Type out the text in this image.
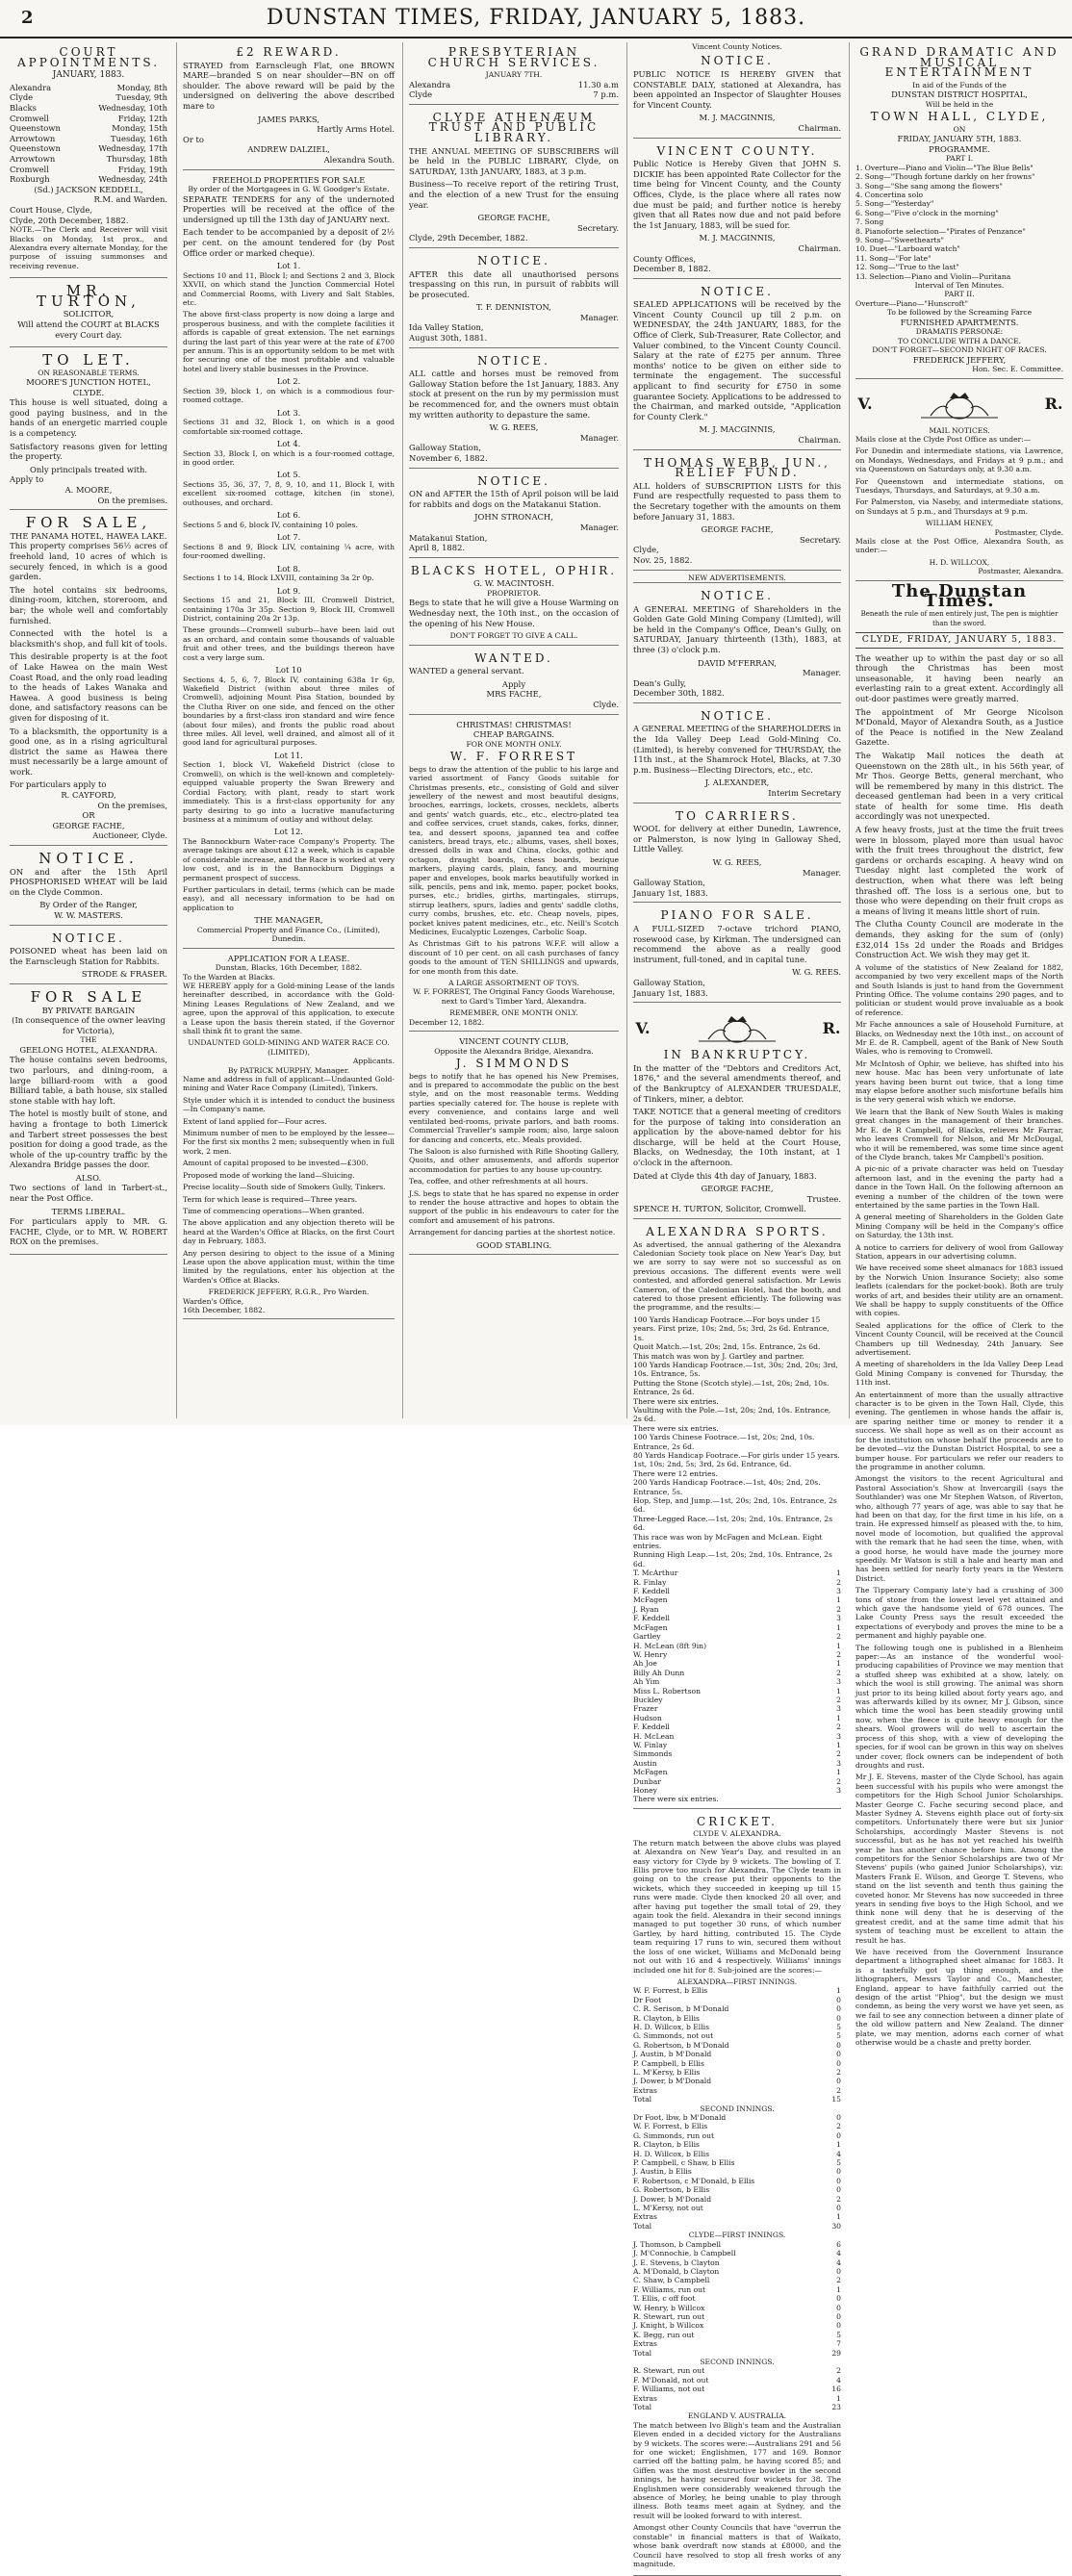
2	DUNSTAN TIMES, FRIDAY, JANUARY 5, 1883.
COURT APPOINTMENTS.
JANUARY, 1883.
Alexandra	Monday, 8th
Clyde	Tuesday, 9th
Blacks	Wednesday, 10th
Cromwell	Friday, 12th
Queenstown	Monday, 15th
Arrowtown	Tuesday, 16th
Queenstown	Wednesday, 17th
Arrowtown	Thursday, 18th
Cromwell	Friday, 19th
Roxburgh	Wednesday, 24th
(Sd.) JACKSON KEDDELL,
R.M. and Warden.
Court House, Clyde,
Clyde, 20th December, 1882.

NOTE.—The Clerk and Receiver will visit Blacks on Monday, 1st prox., and Alexandra every alternate Monday, for the purpose of issuing summonses and receiving revenue.

MR. TURTON,
SOLICITOR,

Will attend the COURT at BLACKS every Court day.

TO LET.
ON REASONABLE TERMS.
MOORE'S JUNCTION HOTEL, CLYDE.

This house is well situated, doing a good paying business, and in the hands of an energetic married couple is a competency.

Satisfactory reasons given for letting the property.

Only principals treated with.
Apply to
A. MOORE,
On the premises.
FOR SALE,
THE PANAMA HOTEL, HAWEA LAKE.

This property comprises 56½ acres of freehold land, 10 acres of which is securely fenced, in which is a good garden.

The hotel contains six bedrooms, dining-room, kitchen, storeroom, and bar; the whole well and comfortably furnished.

Connected with the hotel is a blacksmith's shop, and full kit of tools.

This desirable property is at the foot of Lake Hawea on the main West Coast Road, and the only road leading to the heads of Lakes Wanaka and Hawea. A good business is being done, and satisfactory reasons can be given for disposing of it.

To a blacksmith, the opportunity is a good one, as in a rising agricultural district the same as Hawea there must necessarily be a large amount of work.

For particulars apply to
R. CAYFORD,
On the premises,
OR
GEORGE FACHE,
Auctioneer, Clyde.
NOTICE.

ON and after the 15th April PHOSPHORISED WHEAT will be laid on the Clyde Common.

By Order of the Ranger,
W. W. MASTERS.
NOTICE.

POISONED wheat has been laid on the Earnscleugh Station for Rabbits.

STRODE & FRASER.
FOR SALE
BY PRIVATE BARGAIN
(In consequence of the owner leaving for Victoria),
THE
GEELONG HOTEL, ALEXANDRA.

The house contains seven bedrooms, two parlours, and dining-room, a large billiard-room with a good Billiard table, a bath house, six stalled stone stable with hay loft.

The hotel is mostly built of stone, and having a frontage to both Limerick and Tarbert street possesses the best position for doing a good trade, as the whole of the up-country traffic by the Alexandra Bridge passes the door.

ALSO.

Two sections of land in Tarbert-st., near the Post Office.

TERMS LIBERAL.

For particulars apply to MR. G. FACHE, Clyde, or to MR. W. ROBERT ROX on the premises.

£2 REWARD.

STRAYED from Earnscleugh Flat, one BROWN MARE—branded S on near shoulder—BN on off shoulder. The above reward will be paid by the undersigned on delivering the above described mare to

JAMES PARKS,
Hartly Arms Hotel.
Or to
ANDREW DALZIEL,
Alexandra South.
FREEHOLD PROPERTIES FOR SALE
By order of the Mortgagees in G. W. Goodger's Estate.

SEPARATE TENDERS for any of the undernoted Properties will be received at the office of the undersigned up till the 13th day of JANUARY next.

Each tender to be accompanied by a deposit of 2½ per cent. on the amount tendered for (by Post Office order or marked cheque).

Lot 1.

Sections 10 and 11, Block I; and Sections 2 and 3, Block XXVII, on which stand the Junction Commercial Hotel and Commercial Rooms, with Livery and Salt Stables, etc.

The above first-class property is now doing a large and prosperous business, and with the complete facilities it affords is capable of great extension. The net earnings during the last part of this year were at the rate of £700 per annum. This is an opportunity seldom to be met with for securing one of the most profitable and valuable hotel and livery stable businesses in the Province.

Lot 2.

Section 39, block 1, on which is a commodious four-roomed cottage.

Lot 3.

Sections 31 and 32, Block 1, on which is a good comfortable six-roomed cottage.

Lot 4.

Section 33, Block I, on which is a four-roomed cottage, in good order.

Lot 5.

Sections 35, 36, 37, 7, 8, 9, 10, and 11, Block I, with excellent six-roomed cottage, kitchen (in stone), outhouses, and orchard.

Lot 6.

Sections 5 and 6, block IV, containing 10 poles.

Lot 7.

Sections 8 and 9, Block LIV, containing ¼ acre, with four-roomed dwelling.

Lot 8.

Sections 1 to 14, Block LXVIII, containing 3a 2r 0p.

Lot 9.

Sections 15 and 21, Block III, Cromwell District, containing 170a 3r 35p. Section 9, Block III, Cromwell District, containing 20a 2r 13p.

These grounds—Cromwell suburb—have been laid out as an orchard, and contain some thousands of valuable fruit and other trees, and the buildings thereon have cost a very large sum.

Lot 10

Sections 4, 5, 6, 7, Block IV, containing 638a 1r 6p, Wakefield District (within about three miles of Cromwell), adjoining Mount Pisa Station, bounded by the Clutha River on one side, and fenced on the other boundaries by a first-class iron standard and wire fence (about four miles), and fronts the public road about three miles. All level, well drained, and almost all of it good land for agricultural purposes.

Lot 11.

Section 1, block VI, Wakefield District (close to Cromwell), on which is the well-known and completely-equipped valuable property the Swan Brewery and Cordial Factory, with plant, ready to start work immediately. This is a first-class opportunity for any party desiring to go into a lucrative manufacturing business at a minimum of outlay and without delay.

Lot 12.

The Bannockburn Water-race Company's Property. The average takings are about £12 a week, which is capable of considerable increase, and the Race is worked at very low cost, and is in the Bannockburn Diggings a permanent prospect of success.

Further particulars in detail, terms (which can be made easy), and all necessary information to be had on application to

THE MANAGER,
Commercial Property and Finance Co., (Limited), Dunedin.
APPLICATION FOR A LEASE.
Dunstan, Blacks, 16th December, 1882.
To the Warden at Blacks.

WE HEREBY apply for a Gold-mining Lease of the lands hereinafter described, in accordance with the Gold-Mining Leases Regulations of New Zealand, and we agree, upon the approval of this application, to execute a Lease upon the basis therein stated, if the Governor shall think fit to grant the same.

UNDAUNTED GOLD-MINING AND WATER RACE CO. (LIMITED),
Applicants.
By PATRICK MURPHY, Manager.

Name and address in full of applicant—Undaunted Gold-mining and Water Race Company (Limited), Tinkers.

Style under which it is intended to conduct the business—In Company's name.

Extent of land applied for—Four acres.

Minimum number of men to be employed by the lessee—For the first six months 2 men; subsequently when in full work, 2 men.

Amount of capital proposed to be invested—£300.

Proposed mode of working the land—Sluicing.

Precise locality—South side of Smokers Gully, Tinkers.

Term for which lease is required—Three years.

Time of commencing operations—When granted.

The above application and any objection thereto will be heard at the Warden's Office at Blacks, on the first Court day in February, 1883.

Any person desiring to object to the issue of a Mining Lease upon the above application must, within the time limited by the regulations, enter his objection at the Warden's Office at Blacks.

FREDERICK JEFFERY, R.G.R., Pro Warden.
Warden's Office,
16th December, 1882.
PRESBYTERIAN CHURCH SERVICES.
JANUARY 7TH.
Alexandra	11.30 a.m
Clyde	7 p.m.
CLYDE ATHENÆUM TRUST AND PUBLIC LIBRARY.

THE ANNUAL MEETING OF SUBSCRIBERS will be held in the PUBLIC LIBRARY, Clyde, on SATURDAY, 13th JANUARY, 1883, at 3 p.m.

Business—To receive report of the retiring Trust, and the election of a new Trust for the ensuing year.

GEORGE FACHE,
Secretary.
Clyde, 29th December, 1882.
NOTICE.

AFTER this date all unauthorised persons trespassing on this run, in pursuit of rabbits will be prosecuted.

T. F. DENNISTON,
Manager.
Ida Valley Station,
August 30th, 1881.
NOTICE.

ALL cattle and horses must be removed from Galloway Station before the 1st January, 1883. Any stock at present on the run by my permission must be recommenced for, and the owners must obtain my written authority to depasture the same.

W. G. REES,
Manager.
Galloway Station,
November 6, 1882.
NOTICE.

ON and AFTER the 15th of April poison will be laid for rabbits and dogs on the Matakanui Station.

JOHN STRONACH,
Manager.
Matakanui Station,
April 8, 1882.
BLACKS HOTEL, OPHIR.
G. W. MACINTOSH.
PROPRIETOR.

Begs to state that he will give a House Warming on Wednesday next, the 10th inst., on the occasion of the opening of his New House.

DON'T FORGET TO GIVE A CALL.
WANTED.

WANTED a general servant.

Apply
MRS FACHE,
Clyde.
CHRISTMAS! CHRISTMAS!
CHEAP BARGAINS.
FOR ONE MONTH ONLY.
W. F. FORREST

begs to draw the attention of the public to his large and varied assortment of Fancy Goods suitable for Christmas presents, etc., consisting of Gold and silver jewellery of the newest and most beautiful designs, brooches, earrings, lockets, crosses, necklets, alberts and gents' watch guards, etc., etc., electro-plated tea and coffee services, cruet stands, cakes, forks, dinner, tea, and dessert spoons, japanned tea and coffee canisters, bread trays, etc.; albums, vases, shell boxes, dressed dolls in wax and China, clocks, gothic and octagon, draught boards, chess boards, bezique markers, playing cards, plain, fancy, and mourning paper and envelopes, book marks beautifully worked in silk, pencils, pens and ink, memo. paper, pocket books, purses, etc.; bridles, girths, martingales, stirrups, stirrup leathers, spurs, ladies and gents' saddle cloths, curry combs, brushes, etc. etc. Cheap novels, pipes, pocket knives patent medicines, etc., etc. Neill's Scotch Medicines, Eucalyptic Lozenges, Carbolic Soap.

As Christmas Gift to his patrons W.F.F. will allow a discount of 10 per cent. on all cash purchases of fancy goods to the amount of TEN SHILLINGS and upwards, for one month from this date.

A LARGE ASSORTMENT OF TOYS.

W. F. FORREST, The Original Fancy Goods Warehouse, next to Gard's Timber Yard, Alexandra.

REMEMBER, ONE MONTH ONLY.
December 12, 1882.
VINCENT COUNTY CLUB,
Opposite the Alexandra Bridge, Alexandra.
J. SIMMONDS

begs to notify that he has opened his New Premises, and is prepared to accommodate the public on the best style, and on the most reasonable terms. Wedding parties specially catered for. The house is replete with every convenience, and contains large and well ventilated bed-rooms, private parlors, and bath rooms. Commercial Traveller's sample room; also, large saloon for dancing and concerts, etc. Meals provided.

The Saloon is also furnished with Rifle Shooting Gallery, Quoits, and other amusements, and affords superior accommodation for parties to any house up-country.

Tea, coffee, and other refreshments at all hours.

J.S. begs to state that he has spared no expense in order to render the house attractive and hopes to obtain the support of the public in his endeavours to cater for the comfort and amusement of his patrons.

Arrangement for dancing parties at the shortest notice.

GOOD STABLING.
Vincent County Notices.
NOTICE.

PUBLIC NOTICE IS HEREBY GIVEN that CONSTABLE DALY, stationed at Alexandra, has been appointed an Inspector of Slaughter Houses for Vincent County.

M. J. MACGINNIS,
Chairman.
VINCENT COUNTY.

Public Notice is Hereby Given that JOHN S. DICKIE has been appointed Rate Collector for the time being for Vincent County, and the County Offices, Clyde, is the place where all rates now due must be paid; and further notice is hereby given that all Rates now due and not paid before the 1st January, 1883, will be sued for.

M. J. MACGINNIS,
Chairman.
County Offices,
December 8, 1882.
NOTICE.

SEALED APPLICATIONS will be received by the Vincent County Council up till 2 p.m. on WEDNESDAY, the 24th JANUARY, 1883, for the Office of Clerk, Sub-Treasurer, Rate Collector, and Valuer combined, to the Vincent County Council. Salary at the rate of £275 per annum. Three months' notice to be given on either side to terminate the engagement. The successful applicant to find security for £750 in some guarantee Society. Applications to be addressed to the Chairman, and marked outside, "Application for County Clerk."

M. J. MACGINNIS,
Chairman.
THOMAS WEBB, JUN., RELIEF FUND.

ALL holders of SUBSCRIPTION LISTS for this Fund are respectfully requested to pass them to the Secretary together with the amounts on them before January 31, 1883.

GEORGE FACHE,
Secretary.
Clyde,
Nov. 25, 1882.
NEW ADVERTISEMENTS.
NOTICE.

A GENERAL MEETING of Shareholders in the Golden Gate Gold Mining Company (Limited), will be held in the Company's Office, Dean's Gully, on SATURDAY, January thirteenth (13th), 1883, at three (3) o'clock p.m.

DAVID M'FERRAN,
Manager.
Dean's Gully,
December 30th, 1882.
NOTICE.

A GENERAL MEETING of the SHAREHOLDERS in the Ida Valley Deep Lead Gold-Mining Co. (Limited), is hereby convened for THURSDAY, the 11th inst., at the Shamrock Hotel, Blacks, at 7.30 p.m. Business—Electing Directors, etc., etc.

J. ALEXANDER,
Interim Secretary
TO CARRIERS.

WOOL for delivery at either Dunedin, Lawrence, or Palmerston, is now lying in Galloway Shed, Little Valley.

W. G. REES,
Manager.
Galloway Station,
January 1st, 1883.
PIANO FOR SALE.

A FULL-SIZED 7-octave trichord PIANO, rosewood case, by Kirkman. The undersigned can recommend the above as a really good instrument, full-toned, and in capital tune.

W. G. REES.
Galloway Station,
January 1st, 1883.
V.	R.
IN BANKRUPTCY.

In the matter of the "Debtors and Creditors Act, 1876," and the several amendments thereof, and of the Bankruptcy of ALEXANDER TRUESDALE, of Tinkers, miner, a debtor.

TAKE NOTICE that a general meeting of creditors for the purpose of taking into consideration an application by the above-named debtor for his discharge, will be held at the Court House, Blacks, on Wednesday, the 10th instant, at 1 o'clock in the afternoon.

Dated at Clyde this 4th day of January, 1883.

GEORGE FACHE,
Trustee.
SPENCE H. TURTON, Solicitor, Cromwell.
ALEXANDRA SPORTS.

As advertised, the annual gathering of the Alexandra Caledonian Society took place on New Year's Day, but we are sorry to say were not so successful as on previous occasions. The different events were well contested, and afforded general satisfaction. Mr Lewis Cameron, of the Caledonian Hotel, had the booth, and catered to those present efficiently. The following was the programme, and the results:—

100 Yards Handicap Footrace.—For boys under 15 years. First prize, 10s; 2nd, 5s; 3rd, 2s 6d. Entrance, 1s.
Quoit Match.—1st, 20s; 2nd, 15s. Entrance, 2s 6d.
This match was won by J. Gartley and partner.
100 Yards Handicap Footrace.—1st, 30s; 2nd, 20s; 3rd, 10s. Entrance, 5s.
Putting the Stone (Scotch style).—1st, 20s; 2nd, 10s. Entrance, 2s 6d.
There were six entries.
Vaulting with the Pole.—1st, 20s; 2nd, 10s. Entrance, 2s 6d.
There were six entries.
100 Yards Chinese Footrace.—1st, 20s; 2nd, 10s. Entrance, 2s 6d.
80 Yards Handicap Footrace.—For girls under 15 years. 1st, 10s; 2nd, 5s; 3rd, 2s 6d. Entrance, 6d.
There were 12 entries.
200 Yards Handicap Footrace.—1st, 40s; 2nd, 20s. Entrance, 5s.
Hop, Step, and Jump.—1st, 20s; 2nd, 10s. Entrance, 2s 6d.
Three-Legged Race.—1st, 20s; 2nd, 10s. Entrance, 2s 6d.
This race was won by McFagen and McLean. Eight entries.
Running High Leap.—1st, 20s; 2nd, 10s. Entrance, 2s 6d.
T. McArthur	1
R. Finlay	2
F. Keddell	3
McFagen	1
J. Ryan	2
F. Keddell	3
McFagen	1
Gartley	2
H. McLean (8ft 9in)	1
W. Henry	2
Ah Joe	1
Billy Ah Dunn	2
Ah Yim	3
Miss L. Robertson	1
Buckley	2
Frazer	3
Hudson	1
F. Keddell	2
H. McLean	3
W. Finlay	1
Simmonds	2
Austin	3
McFagen	1
Dunbar	2
Honey	3
There were six entries.
CRICKET.
CLYDE V. ALEXANDRA.

The return match between the above clubs was played at Alexandra on New Year's Day, and resulted in an easy victory for Clyde by 9 wickets. The bowling of T. Ellis prove too much for Alexandra. The Clyde team in going on to the crease put their opponents to the wickets, which they succeeded in keeping up till 15 runs were made. Clyde then knocked 20 all over, and after having put together the small total of 29, they again took the field. Alexandra in their second innings managed to put together 30 runs, of which number Gartley, by hard hitting, contributed 15. The Clyde team requiring 17 runs to win, secured them without the loss of one wicket, Williams and McDonald being not out with 16 and 4 respectively. Williams' innings included one hit for 8. Sub-joined are the scores:—

ALEXANDRA—FIRST INNINGS.
W. F. Forrest, b Ellis	1
Dr Foot	0
C. R. Serison, b M'Donald	0
R. Clayton, b Ellis	0
H. D. Willcox, b Ellis	5
G. Simmonds, not out	5
G. Robertson, b M'Donald	0
J. Austin, b M'Donald	0
P. Campbell, b Ellis	0
L. M'Kersy, b Ellis	2
J. Dower, b M'Donald	0
Extras	2
Total	15
SECOND INNINGS.
Dr Foot, lbw, b M'Donald	0
W. F. Forrest, b Ellis	2
G. Simmonds, run out	0
R. Clayton, b Ellis	1
H. D. Willcox, b Ellis	4
P. Campbell, c Shaw, b Ellis	5
J. Austin, b Ellis	0
F. Robertson, c M'Donald, b Ellis	0
G. Robertson, b Ellis	0
J. Dower, b M'Donald	2
L. M'Kersy, not out	0
Extras	1
Total	30
CLYDE—FIRST INNINGS.
J. Thomson, b Campbell	6
J. M'Connochie, b Campbell	4
J. E. Stevens, b Clayton	4
A. M'Donald, b Clayton	0
C. Shaw, b Campbell	2
F. Williams, run out	1
T. Ellis, c off foot	0
W. Henry, b Willcox	0
R. Stewart, run out	0
J. Knight, b Willcox	0
K. Begg, run out	5
Extras	7
Total	29
SECOND INNINGS.
R. Stewart, run out	2
F. M'Donald, not out	4
F. Williams, not out	16
Extras	1
Total	23
ENGLAND V. AUSTRALIA.

The match between Ivo Bligh's team and the Australian Eleven ended in a decided victory for the Australians by 9 wickets. The scores were:—Australians 291 and 56 for one wicket; Englishmen, 177 and 169. Bonnor carried off the batting palm, he having scored 85; and Giffen was the most destructive bowler in the second innings, he having secured four wickets for 38. The Englishmen were considerably weakened through the absence of Morley, he being unable to play through illness. Both teams meet again at Sydney, and the result will be looked forward to with interest.

Amongst other County Councils that have "overrun the constable" in financial matters is that of Waikato, whose bank overdraft now stands at £8000, and the Council have resolved to stop all fresh works of any magnitude.

GRAND DRAMATIC AND MUSICAL ENTERTAINMENT
In aid of the Funds of the
DUNSTAN DISTRICT HOSPITAL,
Will be held in the
TOWN HALL, CLYDE,
ON
FRIDAY, JANUARY 5TH, 1883.
PROGRAMME.
PART I.
1. Overture—Piano and Violin—"The Blue Bells"
2. Song—"Though fortune darkly on her frowns"
3. Song—"She sang among the flowers"
4. Concertina solo
5. Song—"Yesterday"
6. Song—"Five o'clock in the morning"
7. Song
8. Pianoforte selection—"Pirates of Penzance"
9. Song—"Sweethearts"
10. Duet—"Larboard watch"
11. Song—"For late"
12. Song—"True to the last"
13. Selection—Piano and Violin—Puritana
Interval of Ten Minutes.
PART II.
Overture—Piano—"Hunscroft"
To be followed by the Screaming Farce
FURNISHED APARTMENTS.
DRAMATIS PERSONÆ:
TO CONCLUDE WITH A DANCE.
DON'T FORGET—SECOND NIGHT OF RACES.
FREDERICK JEFFERY,
Hon. Sec. E. Committee.
V.	R.
MAIL NOTICES.

Mails close at the Clyde Post Office as under:—

For Dunedin and intermediate stations, via Lawrence, on Mondays, Wednesdays, and Fridays at 9 p.m.; and via Queenstown on Saturdays only, at 9.30 a.m.

For Queenstown and intermediate stations, on Tuesdays, Thursdays, and Saturdays, at 9.30 a.m.

For Palmerston, via Naseby, and intermediate stations, on Sundays at 5 p.m., and Thursdays at 9 p.m.

WILLIAM HENEY,
Postmaster, Clyde.

Mails close at the Post Office, Alexandra South, as under:—

H. D. WILLCOX,
Postmaster, Alexandra.
The Dunstan Times.
Beneath the rule of men entirely just, The pen is mightier than the sword.
CLYDE, FRIDAY, JANUARY 5, 1883.

The weather up to within the past day or so all through the Christmas has been most unseasonable, it having been nearly an everlasting rain to a great extent. Accordingly all out-door pastimes were greatly marred.

The appointment of Mr George Nicolson M'Donald, Mayor of Alexandra South, as a Justice of the Peace is notified in the New Zealand Gazette.

The Wakatip Mail notices the death at Queenstown on the 28th ult., in his 56th year, of Mr Thos. George Betts, general merchant, who will be remembered by many in this district. The deceased gentleman had been in a very critical state of health for some time. His death accordingly was not unexpected.

A few heavy frosts, just at the time the fruit trees were in blossom, played more than usual havoc with the fruit trees throughout the district, few gardens or orchards escaping. A heavy wind on Tuesday night last completed the work of destruction, when what there was left being thrashed off. The loss is a serious one, but to those who were depending on their fruit crops as a means of living it means little short of ruin.

The Clutha County Council are moderate in the demands, they asking for the sum of (only) £32,014 15s 2d under the Roads and Bridges Construction Act. We wish they may get it.

A volume of the statistics of New Zealand for 1882, accompanied by two very excellent maps of the North and South Islands is just to hand from the Government Printing Office. The volume contains 290 pages, and to politician or student would prove invaluable as a book of reference.

Mr Fache announces a sale of Household Furniture, at Blacks, on Wednesday next the 10th inst., on account of Mr E. de R. Campbell, agent of the Bank of New South Wales, who is removing to Cromwell.

Mr McIntosh of Ophir, we believe, has shifted into his new house. Mac has been very unfortunate of late years having been burnt out twice, that a long time may elapse before another such misfortune befalls him is the very general wish which we endorse.

We learn that the Bank of New South Wales is making great changes in the management of their branches. Mr E. de R Campbell, of Blacks, relieves Mr Farrar, who leaves Cromwell for Nelson, and Mr McDougal, who it will be remembered, was some time since agent of the Clyde branch, takes Mr Campbell's position.

A pic-nic of a private character was held on Tuesday afternoon last, and in the evening the party had a dance in the Town Hall. On the following afternoon an evening a number of the children of the town were entertained by the same parties in the Town Hall.

A general meeting of Shareholders in the Golden Gate Mining Company will be held in the Company's office on Saturday, the 13th inst.

A notice to carriers for delivery of wool from Galloway Station, appears in our advertising column.

We have received some sheet almanacs for 1883 issued by the Norwich Union Insurance Society; also some leaflets (calendars for the pocket-book). Both are truly works of art, and besides their utility are an ornament. We shall be happy to supply constituents of the Office with copies.

Sealed applications for the office of Clerk to the Vincent County Council, will be received at the Council Chambers up till Wednesday, 24th January. See advertisement.

A meeting of shareholders in the Ida Valley Deep Lead Gold Mining Company is convened for Thursday, the 11th inst.

An entertainment of more than the usually attractive character is to be given in the Town Hall, Clyde, this evening. The gentlemen in whose hands the affair is, are sparing neither time or money to render it a success. We shall hope as well as on their account as for the institution on whose behalf the proceeds are to be devoted—viz the Dunstan District Hospital, to see a bumper house. For particulars we refer our readers to the programme in another column.

Amongst the visitors to the recent Agricultural and Pastoral Association's Show at Invercargill (says the Southlander) was one Mr Stephen Watson, of Riverton, who, although 77 years of age, was able to say that he had been on that day, for the first time in his life, on a train. He expressed himself as pleased with the, to him, novel mode of locomotion, but qualified the approval with the remark that he had seen the time, when, with a good horse, he would have made the journey more speedily. Mr Watson is still a hale and hearty man and has been settled for nearly forty years in the Western District.

The Tipperary Company late'y had a crushing of 300 tons of stone from the lowest level yet attained and which gave the handsome yield of 678 ounces. The Lake County Press says the result exceeded the expectations of everybody and proves the mine to be a permanent and highly payable one.

The following tough one is published in a Blenheim paper:—As an instance of the wonderful wool-producing capabilities of Province we may mention that a stuffed sheep was exhibited at a show, lately, on which the wool is still growing. The animal was shorn just prior to its being killed about forty years ago, and was afterwards killed by its owner, Mr J. Gibson, since which time the wool has been steadily growing until now, when the fleece is quite heavy enough for the shears. Wool growers will do well to ascertain the process of this shop, with a view of developing the species, for if wool can be grown in this way on shelves under cover, flock owners can be independent of both droughts and rust.

Mr J. E. Stevens, master of the Clyde School, has again been successful with his pupils who were amongst the competitors for the High School Junior Scholarships. Master George C. Fache securing second place, and Master Sydney A. Stevens eighth place out of forty-six competitors. Unfortunately there were but six Junior Scholarships, accordingly Master Stevens is not successful, but as he has not yet reached his twelfth year he has another chance before him. Among the competitors for the Senior Scholarships are two of Mr Stevens' pupils (who gained Junior Scholarships), viz: Masters Frank E. Wilson, and George T. Stevens, who stand on the list seventh and tenth thus gaining the coveted honor. Mr Stevens has now succeeded in three years in sending five boys to the High School, and we think none will deny that he is deserving of the greatest credit, and at the same time admit that his system of teaching must be excellent to attain the result he has.

We have received from the Government Insurance department a lithographed sheet almanac for 1883. It is a tastefully got up thing enough, and the lithographers, Messrs Taylor and Co., Manchester, England, appear to have faithfully carried out the design of the artist "Phiog", but the design we must condemn, as being the very worst we have yet seen, as we fail to see any connection between a dinner plate of the old willow pattern and New Zealand. The dinner plate, we may mention, adorns each corner of what otherwise would be a chaste and pretty border.
